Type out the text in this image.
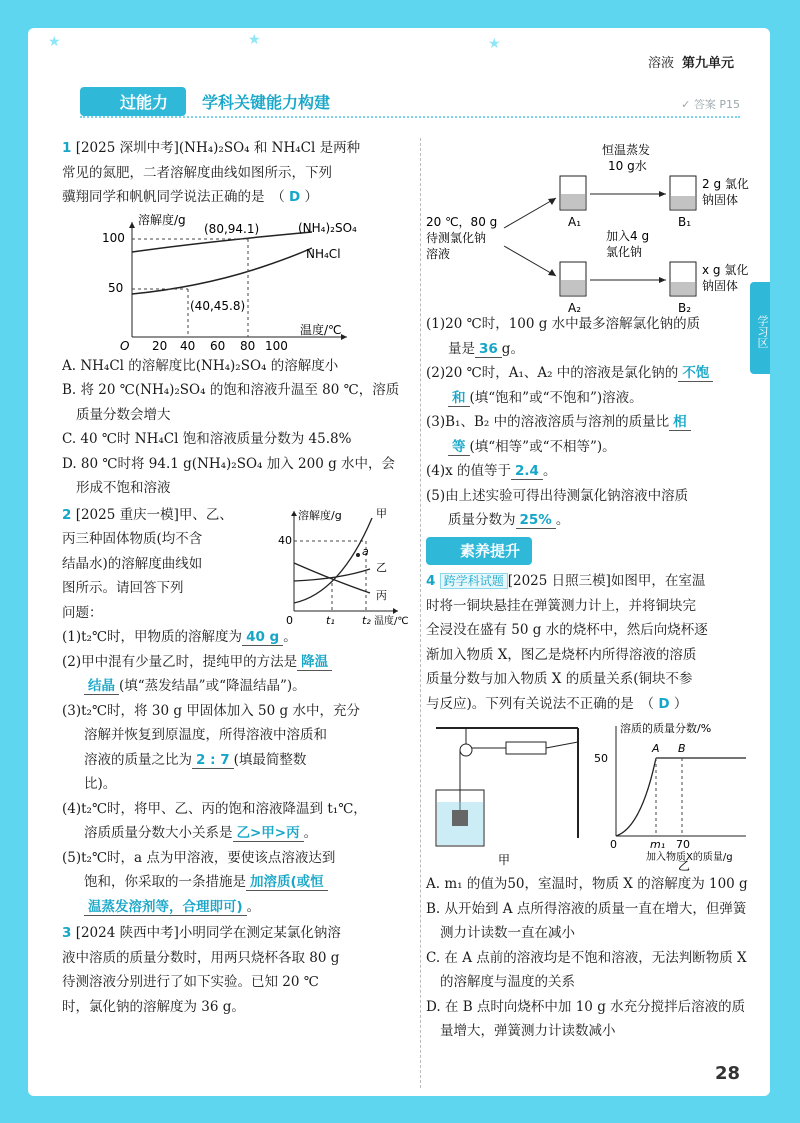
★	★	★
溶液 第九单元
过能力	学科关键能力构建	✓ 答案 P15
学习区

1 [2025 深圳中考](NH₄)₂SO₄ 和 NH₄Cl 是两种

常见的氮肥，二者溶解度曲线如图所示，下列

骥翔同学和帆帆同学说法正确的是　（ D ）

溶解度/g
温度/℃
100
50
O 20 40 60 80 100
(80,94.1)
(40,45.8)
(NH₄)₂SO₄
NH₄Cl

A. NH₄Cl 的溶解度比(NH₄)₂SO₄ 的溶解度小

B. 将 20 ℃(NH₄)₂SO₄ 的饱和溶液升温至 80 ℃，溶质质量分数会增大

C. 40 ℃时 NH₄Cl 饱和溶液质量分数为 45.8%

D. 80 ℃时将 94.1 g(NH₄)₂SO₄ 加入 200 g 水中，会形成不饱和溶液

溶解度/g
40
0	t₁ t₂ 温度/℃
a
甲
乙
丙

2 [2025 重庆一模]甲、乙、

丙三种固体物质(均不含

结晶水)的溶解度曲线如

图所示。请回答下列

问题：

(1)t₂℃时，甲物质的溶解度为 40 g 。

(2)甲中混有少量乙时，提纯甲的方法是 降温

结晶 (填“蒸发结晶”或“降温结晶”)。

(3)t₂℃时，将 30 g 甲固体加入 50 g 水中，充分

溶解并恢复到原温度，所得溶液中溶质和

溶液的质量之比为 2 : 7 (填最简整数

比)。

(4)t₂℃时，将甲、乙、丙的饱和溶液降温到 t₁℃，

溶质质量分数大小关系是 乙>甲>丙 。

(5)t₂℃时，a 点为甲溶液，要使该点溶液达到

饱和，你采取的一条措施是 加溶质(或恒

温蒸发溶剂等，合理即可) 。

3 [2024 陕西中考]小明同学在测定某氯化钠溶

液中溶质的质量分数时，用两只烧杯各取 80 g

待测溶液分别进行了如下实验。已知 20 ℃

时，氯化钠的溶解度为 36 g。

20 ℃，80 g
待测氯化钠
溶液
A₁
A₂
恒温蒸发
10 g水
加入4 g
氯化钠
B₁
B₂
2 g 氯化
钠固体
x g 氯化
钠固体

(1)20 ℃时，100 g 水中最多溶解氯化钠的质

量是 36 g。

(2)20 ℃时，A₁、A₂ 中的溶液是氯化钠的 不饱

和 (填“饱和”或“不饱和”)溶液。

(3)B₁、B₂ 中的溶液溶质与溶剂的质量比 相

等 (填“相等”或“不相等”)。

(4)x 的值等于 2.4 。

(5)由上述实验可得出待测氯化钠溶液中溶质

质量分数为 25% 。

素养提升

4 跨学科试题 [2025 日照三模]如图甲，在室温

时将一铜块悬挂在弹簧测力计上，并将铜块完

全浸没在盛有 50 g 水的烧杯中，然后向烧杯逐

渐加入物质 X，图乙是烧杯内所得溶液的溶质

质量分数与加入物质 X 的质量关系(铜块不参

与反应)。下列有关说法不正确的是　（ D ）

甲
溶质的质量分数/%
50
0
A B
m₁ 70
加入物质X的质量/g
乙

A. m₁ 的值为50，室温时，物质 X 的溶解度为 100 g

B. 从开始到 A 点所得溶液的质量一直在增大，但弹簧测力计读数一直在减小

C. 在 A 点前的溶液均是不饱和溶液，无法判断物质 X 的溶解度与温度的关系

D. 在 B 点时向烧杯中加 10 g 水充分搅拌后溶液的质量增大，弹簧测力计读数减小

28
